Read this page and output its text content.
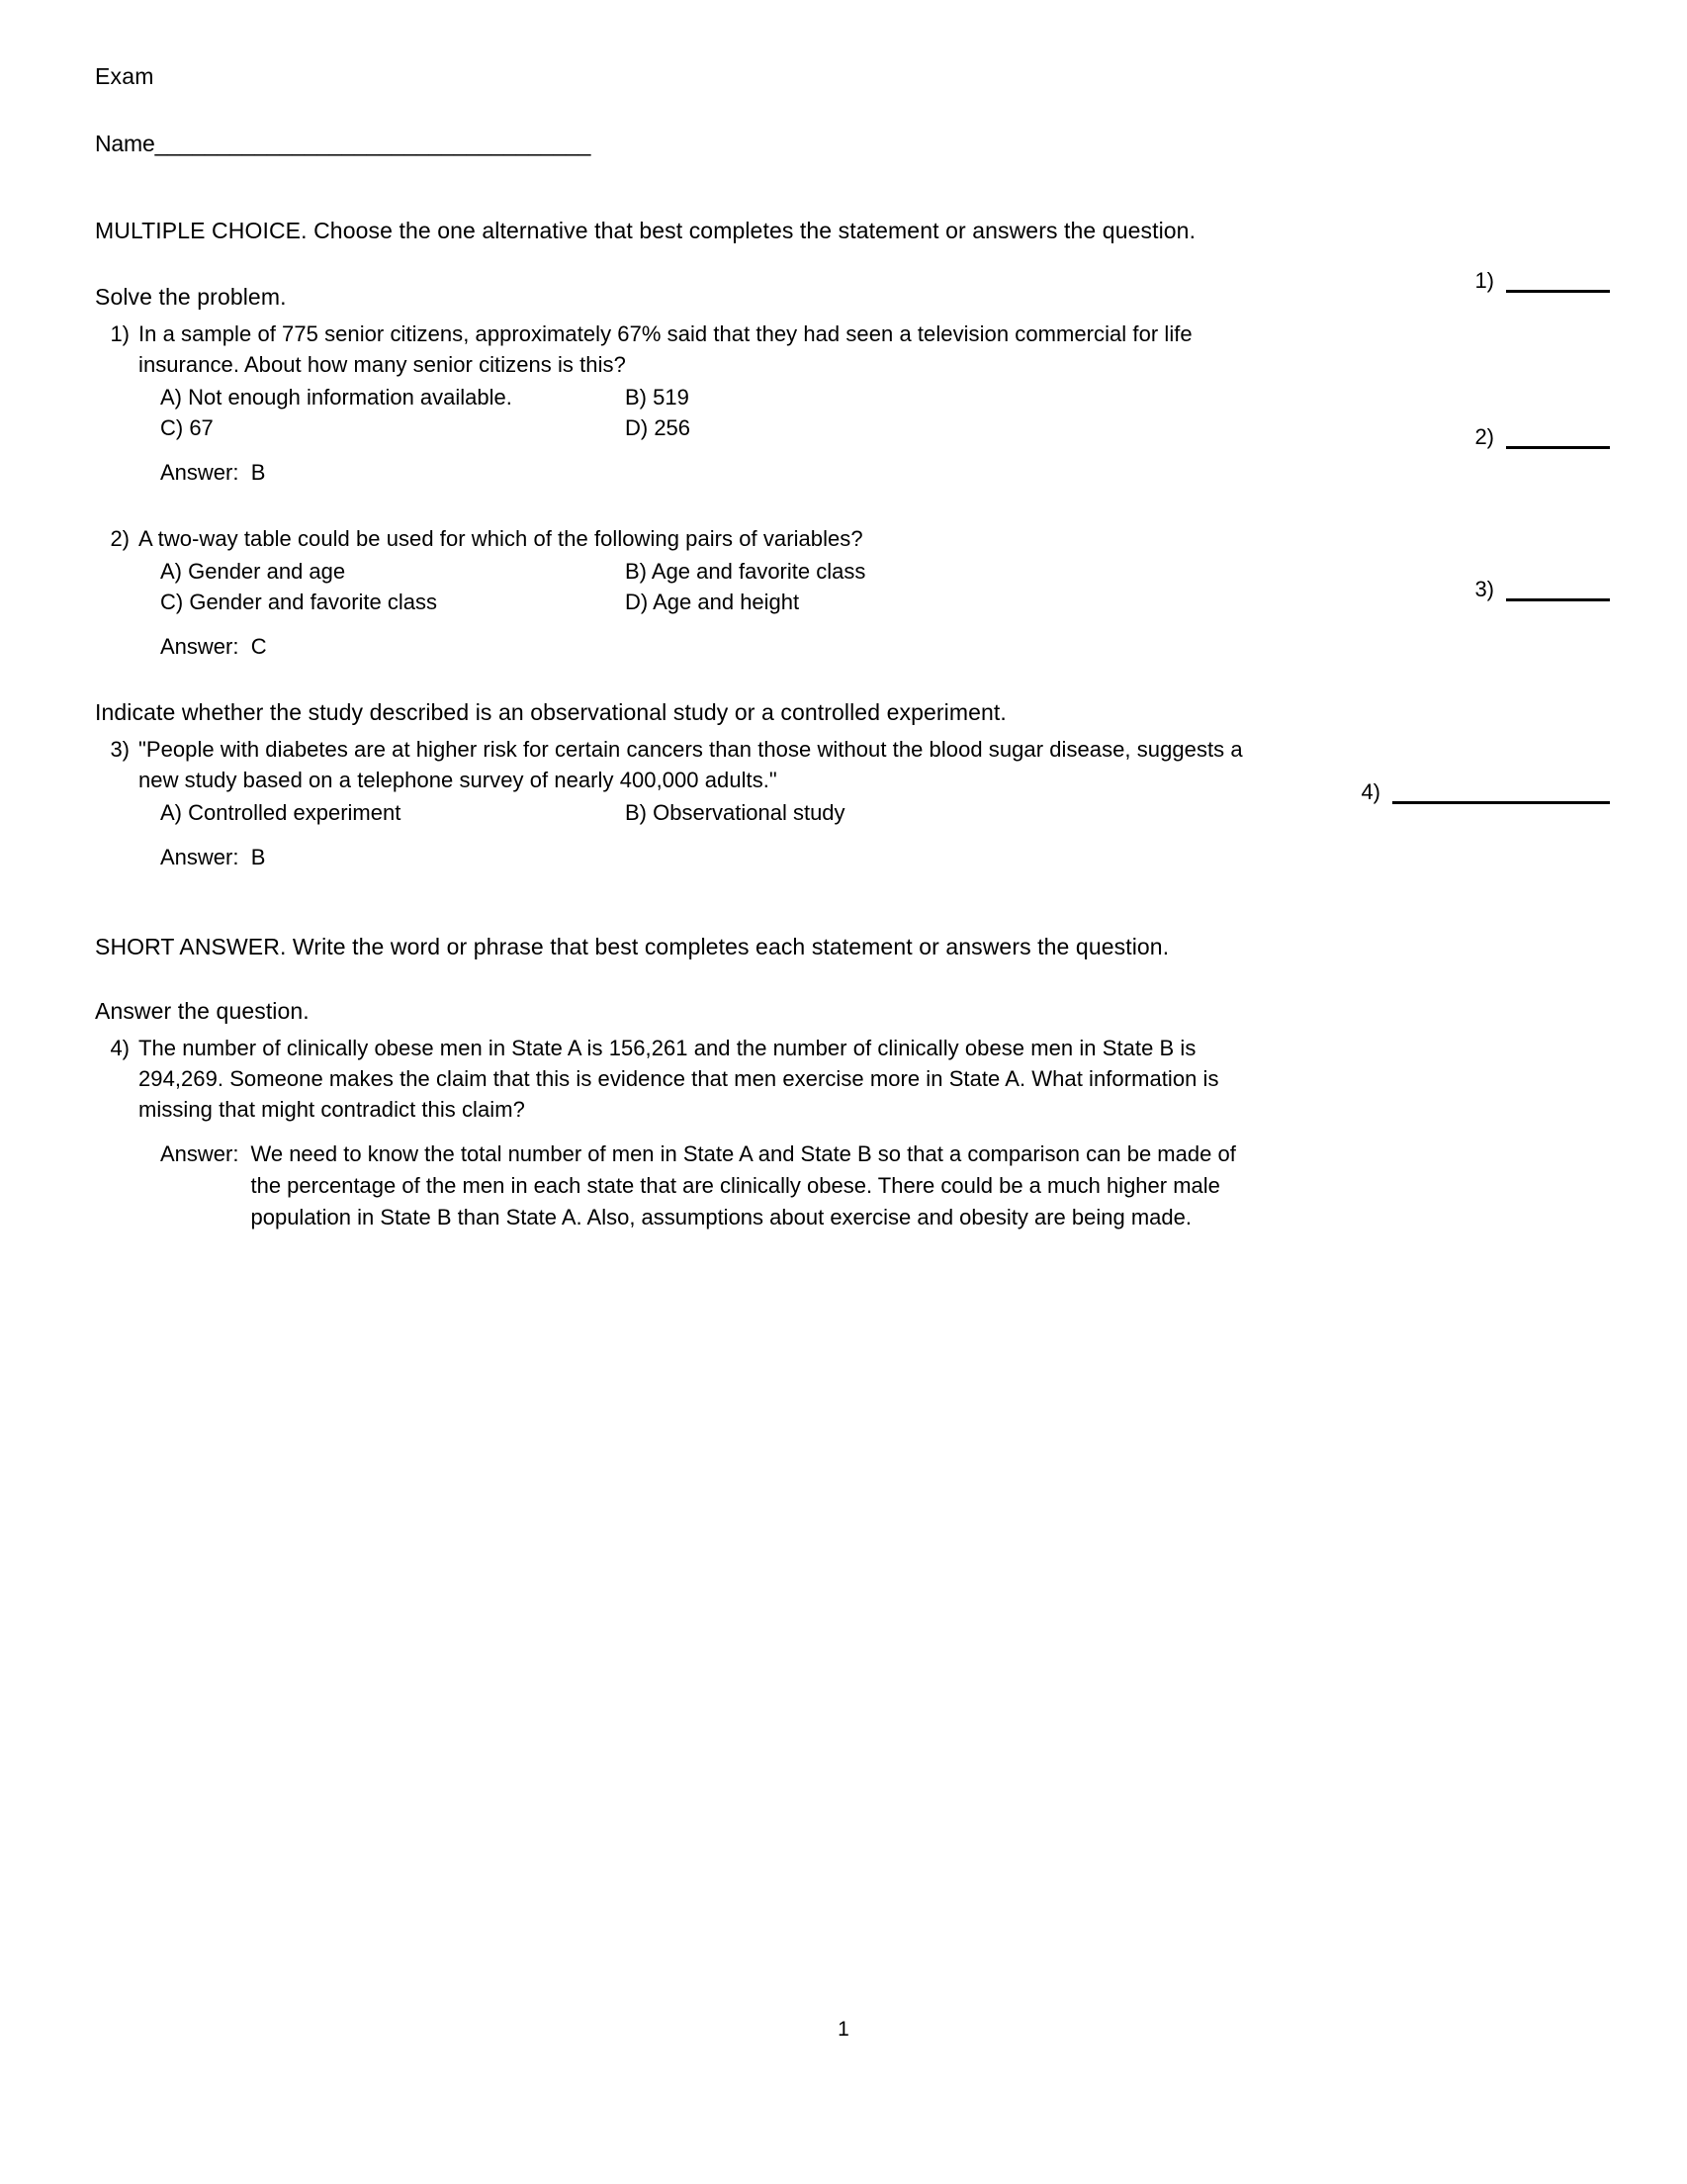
Exam
Name___________________________________
MULTIPLE CHOICE. Choose the one alternative that best completes the statement or answers the question.
Solve the problem.
1) In a sample of 775 senior citizens, approximately 67% said that they had seen a television commercial for life insurance. About how many senior citizens is this?
A) Not enough information available.	B) 519
C) 67	D) 256
Answer: B
2) A two-way table could be used for which of the following pairs of variables?
A) Gender and age	B) Age and favorite class
C) Gender and favorite class	D) Age and height
Answer: C
Indicate whether the study described is an observational study or a controlled experiment.
3) "People with diabetes are at higher risk for certain cancers than those without the blood sugar disease, suggests a new study based on a telephone survey of nearly 400,000 adults."
A) Controlled experiment	B) Observational study
Answer: B
SHORT ANSWER. Write the word or phrase that best completes each statement or answers the question.
Answer the question.
4) The number of clinically obese men in State A is 156,261 and the number of clinically obese men in State B is 294,269. Someone makes the claim that this is evidence that men exercise more in State A. What information is missing that might contradict this claim?
Answer: We need to know the total number of men in State A and State B so that a comparison can be made of the percentage of the men in each state that are clinically obese. There could be a much higher male population in State B than State A. Also, assumptions about exercise and obesity are being made.
1)
2)
3)
4)
1
